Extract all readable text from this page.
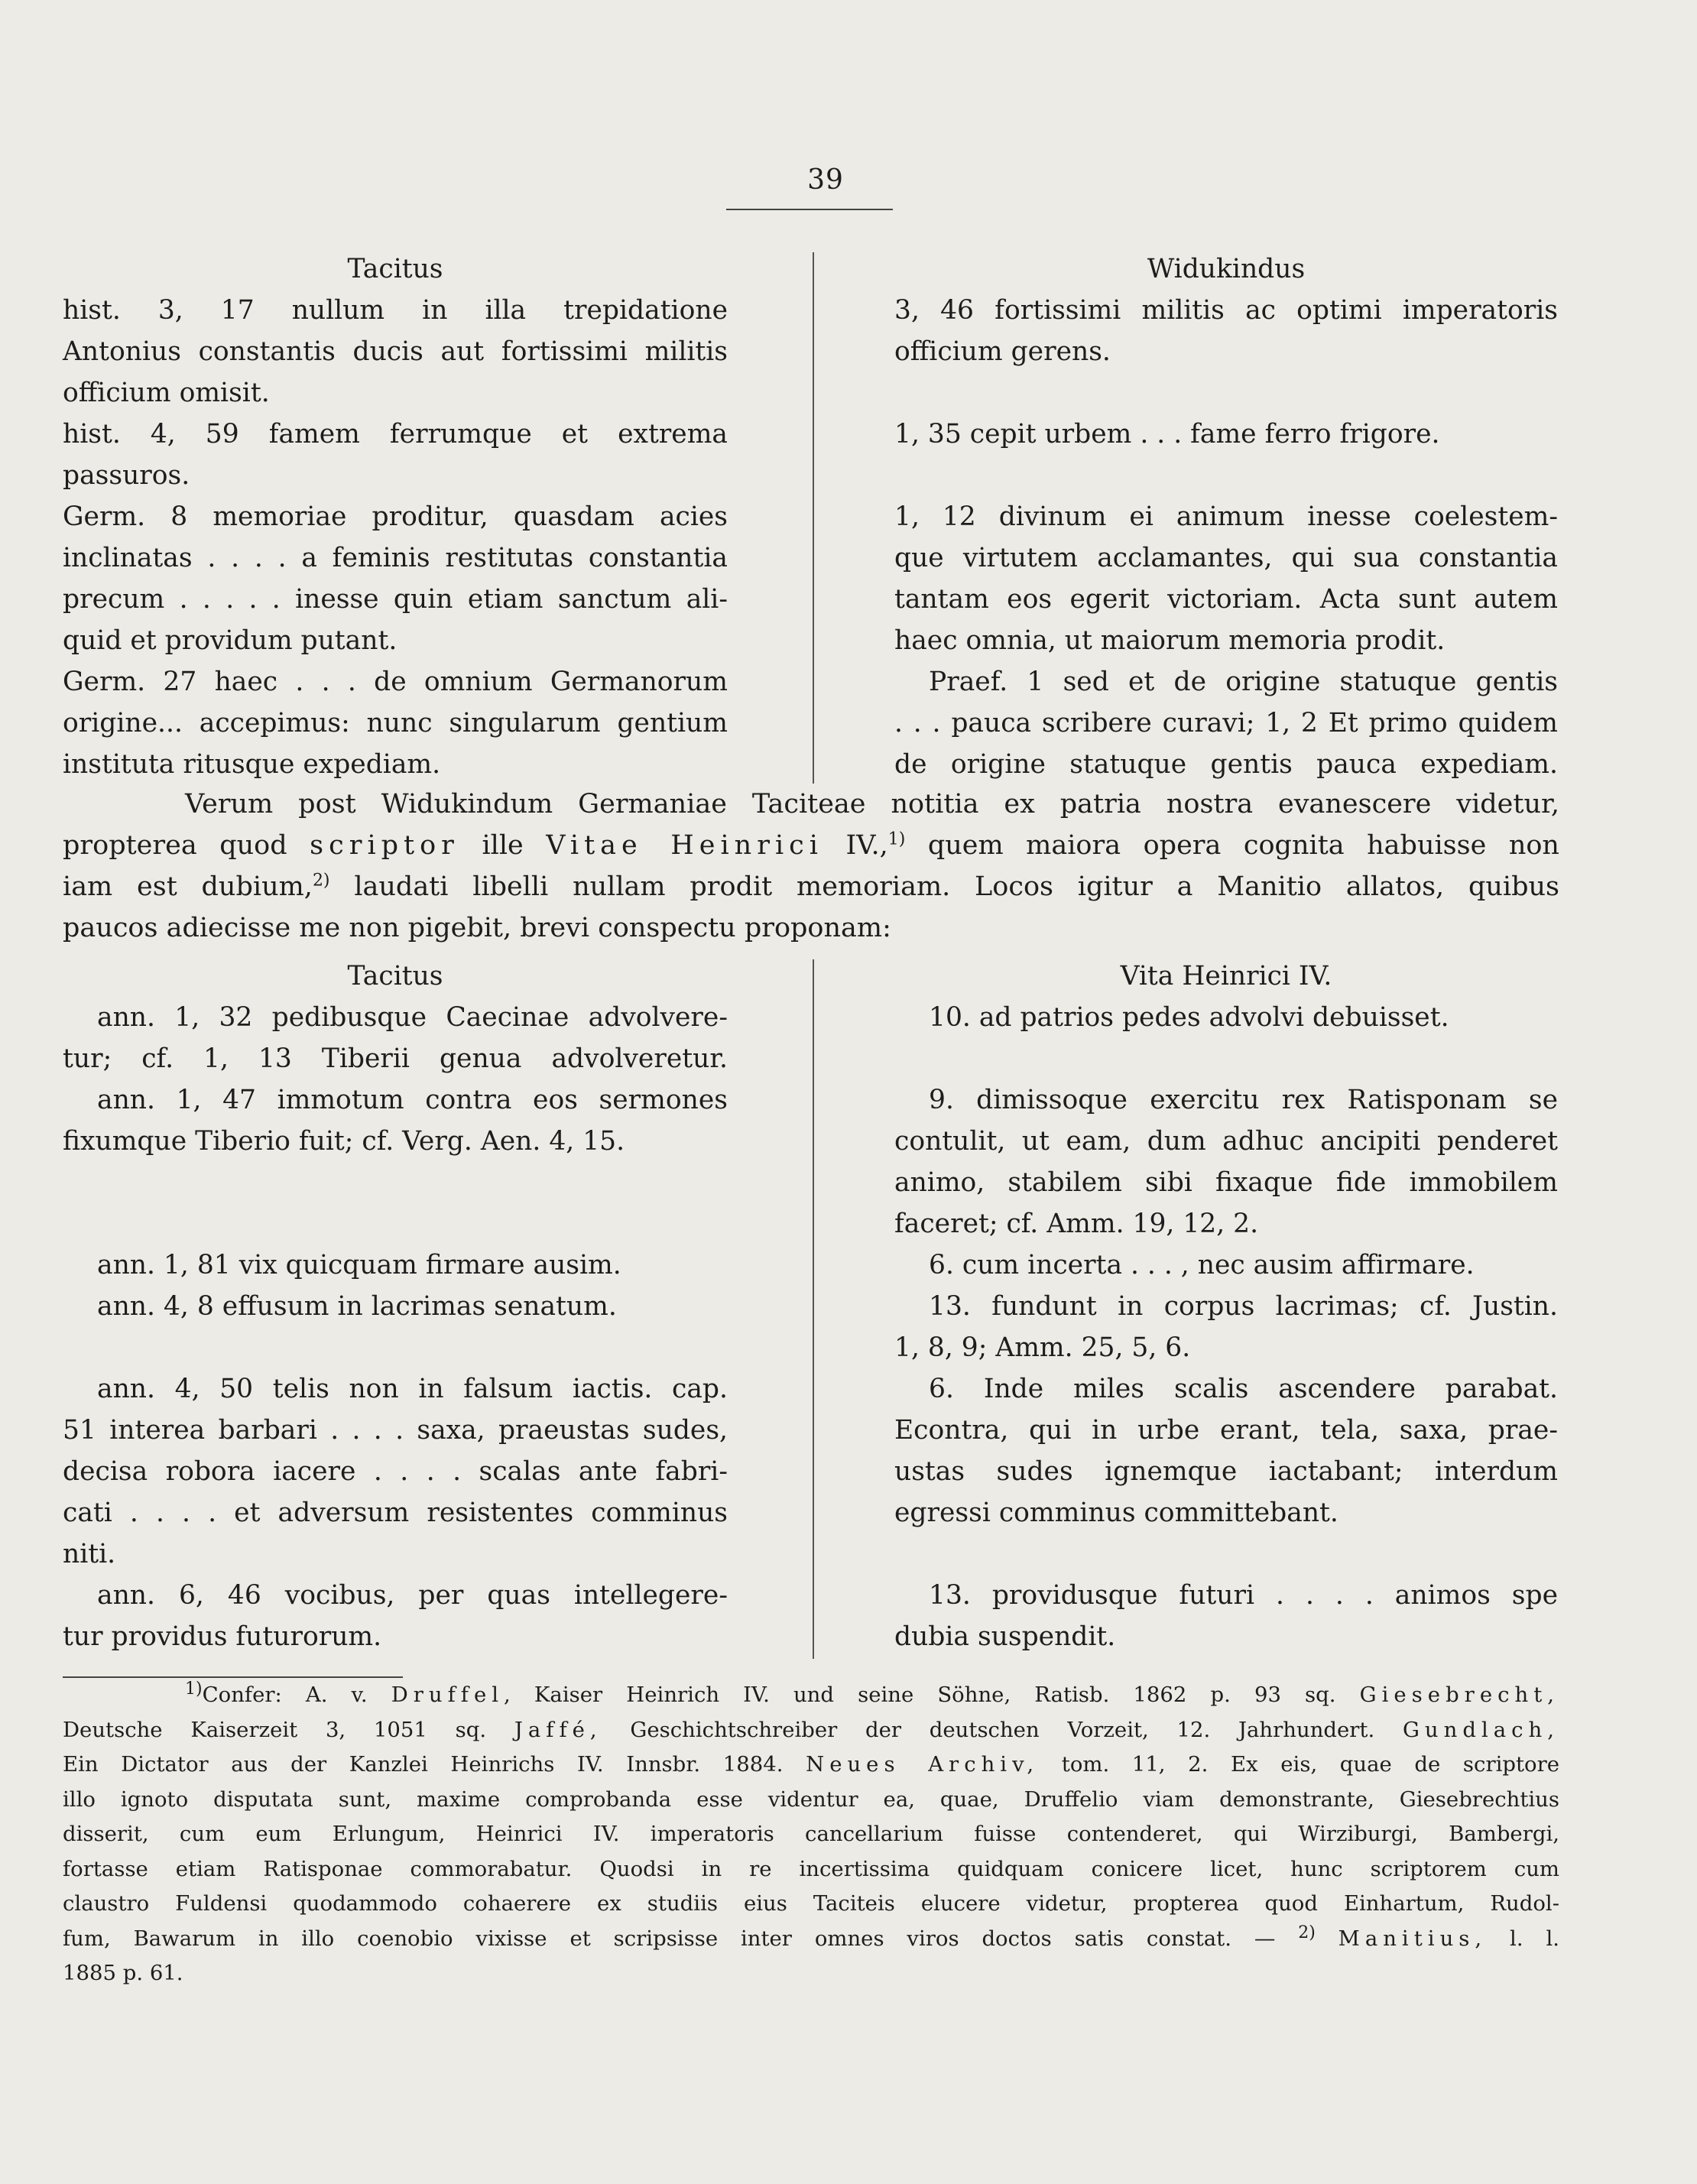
39

Tacitus

hist. 3, 17 nullum in illa trepidatione

Antonius constantis ducis aut fortissimi militis

officium omisit.

hist. 4, 59 famem ferrumque et extrema

passuros.

Germ. 8 memoriae proditur, quasdam acies

inclinatas . . . . a feminis restitutas constantia

precum . . . . . inesse quin etiam sanctum ali-

quid et providum putant.

Germ. 27 haec . . . de omnium Germanorum

origine... accepimus: nunc singularum gentium

instituta ritusque expediam.

Widukindus

3, 46 fortissimi militis ac optimi imperatoris

officium gerens.

1, 35 cepit urbem . . . fame ferro frigore.

1, 12 divinum ei animum inesse coelestem-

que virtutem acclamantes, qui sua constantia

tantam eos egerit victoriam. Acta sunt autem

haec omnia, ut maiorum memoria prodit.

Praef. 1 sed et de origine statuque gentis

. . . pauca scribere curavi; 1, 2 Et primo quidem

de origine statuque gentis pauca expediam.

Verum post Widukindum Germaniae Taciteae notitia ex patria nostra evanescere videtur,

propterea quod scriptor ille Vitae Heinrici IV.,$^{1)}$ quem maiora opera cognita habuisse non

iam est dubium,$^{2)}$ laudati libelli nullam prodit memoriam. Locos igitur a Manitio allatos, quibus

paucos adiecisse me non pigebit, brevi conspectu proponam:

Tacitus

ann. 1, 32 pedibusque Caecinae advolvere-

tur; cf. 1, 13 Tiberii genua advolveretur.

ann. 1, 47 immotum contra eos sermones

fixumque Tiberio fuit; cf. Verg. Aen. 4, 15.

ann. 1, 81 vix quicquam firmare ausim.

ann. 4, 8 effusum in lacrimas senatum.

ann. 4, 50 telis non in falsum iactis. cap.

51 interea barbari . . . . saxa, praeustas sudes,

decisa robora iacere . . . . scalas ante fabri-

cati . . . . et adversum resistentes comminus

niti.

ann. 6, 46 vocibus, per quas intellegere-

tur providus futurorum.

Vita Heinrici IV.

10. ad patrios pedes advolvi debuisset.

9. dimissoque exercitu rex Ratisponam se

contulit, ut eam, dum adhuc ancipiti penderet

animo, stabilem sibi fixaque fide immobilem

faceret; cf. Amm. 19, 12, 2.

6. cum incerta . . . , nec ausim affirmare.

13. fundunt in corpus lacrimas; cf. Justin.

1, 8, 9; Amm. 25, 5, 6.

6. Inde miles scalis ascendere parabat.

Econtra, qui in urbe erant, tela, saxa, prae-

ustas sudes ignemque iactabant; interdum

egressi comminus committebant.

13. providusque futuri . . . . animos spe

dubia suspendit.

$^{1)}$Confer: A. v. Druffel, Kaiser Heinrich IV. und seine Söhne, Ratisb. 1862 p. 93 sq. Giesebrecht,

Deutsche Kaiserzeit 3, 1051 sq. Jaffé, Geschichtschreiber der deutschen Vorzeit, 12. Jahrhundert. Gundlach,

Ein Dictator aus der Kanzlei Heinrichs IV. Innsbr. 1884. Neues Archiv, tom. 11, 2. Ex eis, quae de scriptore

illo ignoto disputata sunt, maxime comprobanda esse videntur ea, quae, Druffelio viam demonstrante, Giesebrechtius

disserit, cum eum Erlungum, Heinrici IV. imperatoris cancellarium fuisse contenderet, qui Wirziburgi, Bambergi,

fortasse etiam Ratisponae commorabatur. Quodsi in re incertissima quidquam conicere licet, hunc scriptorem cum

claustro Fuldensi quodammodo cohaerere ex studiis eius Taciteis elucere videtur, propterea quod Einhartum, Rudol-

fum, Bawarum in illo coenobio vixisse et scripsisse inter omnes viros doctos satis constat. — $^{2)}$ Manitius, l. l.

1885 p. 61.
